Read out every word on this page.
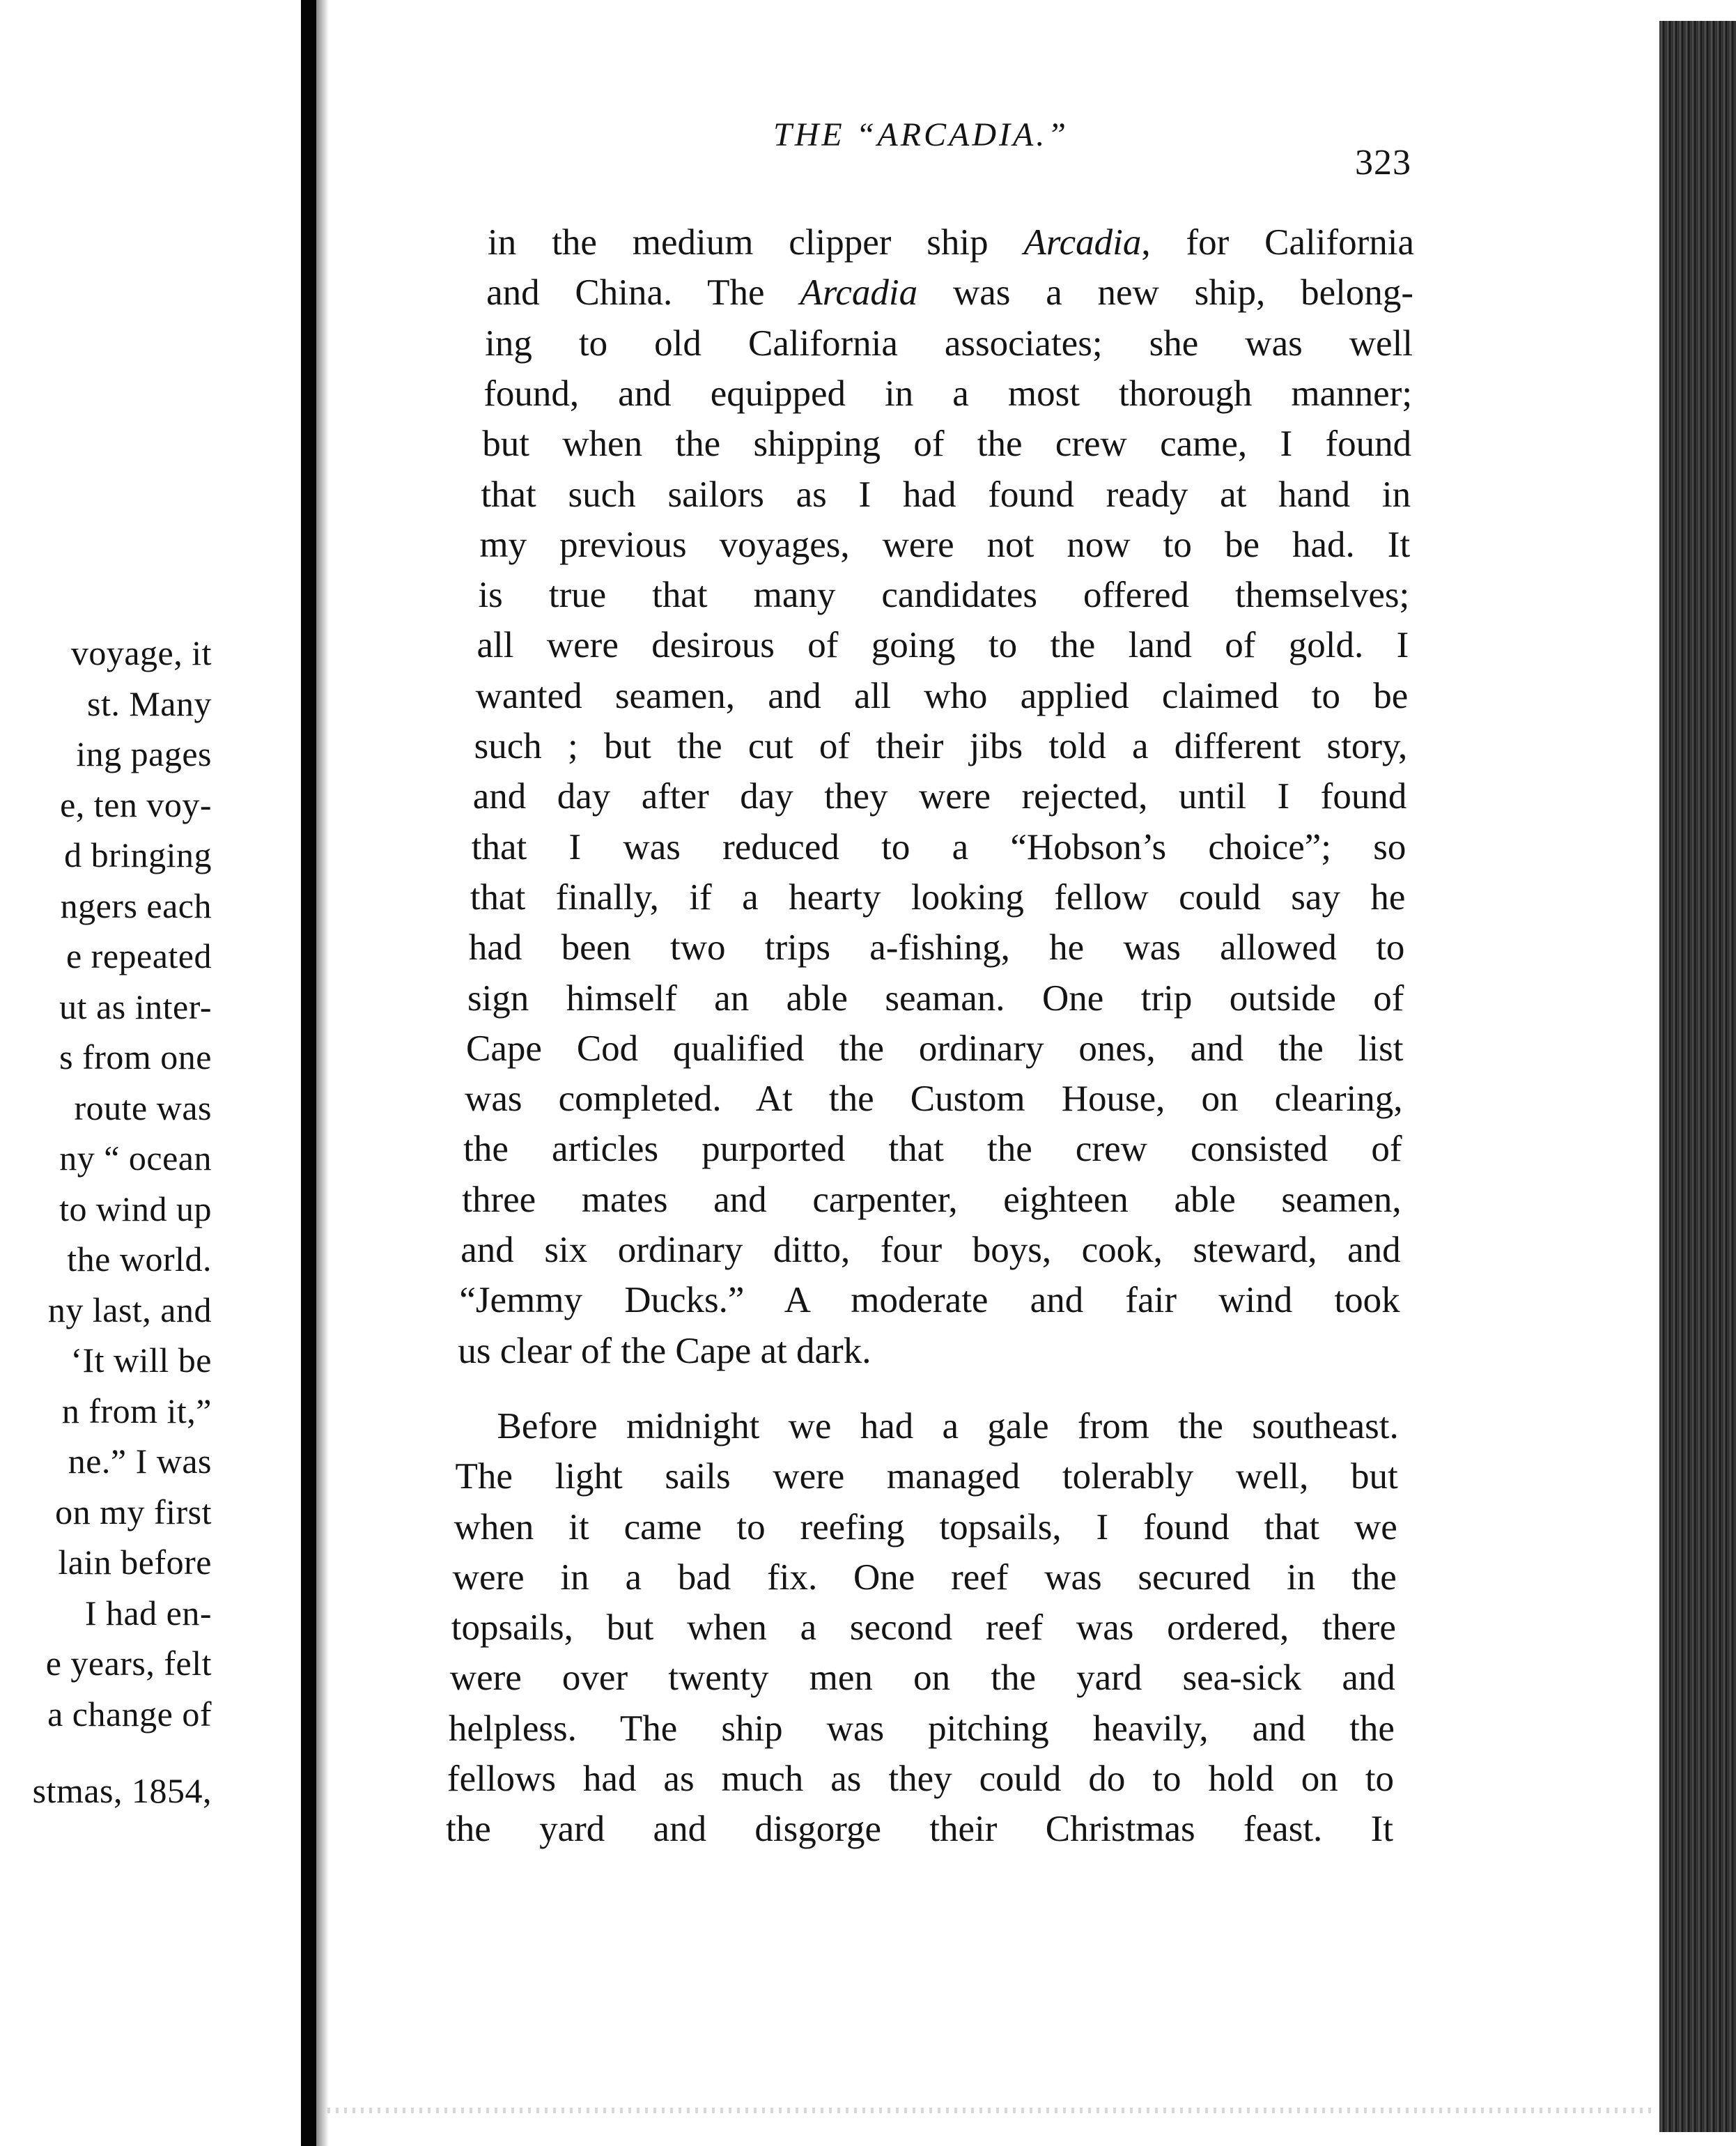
voyage, it
st. Many
ing pages
e, ten voy-
d bringing
ngers each
e repeated
ut as inter-
s from one
route was
ny “ ocean
to wind up
the world.
ny last, and
‘It will be
n from it,”
ne.” I was
on my first
lain before
I had en-
e years, felt
a change of
stmas, 1854,
THE “ARCADIA.”
323
in the medium clipper ship Arcadia, for California
and China. The Arcadia was a new ship, belong-
ing to old California associates; she was well
found, and equipped in a most thorough manner;
but when the shipping of the crew came, I found
that such sailors as I had found ready at hand in
my previous voyages, were not now to be had. It
is true that many candidates offered themselves;
all were desirous of going to the land of gold. I
wanted seamen, and all who applied claimed to be
such ; but the cut of their jibs told a different story,
and day after day they were rejected, until I found
that I was reduced to a “Hobson’s choice”; so
that finally, if a hearty looking fellow could say he
had been two trips a-fishing, he was allowed to
sign himself an able seaman. One trip outside of
Cape Cod qualified the ordinary ones, and the list
was completed. At the Custom House, on clearing,
the articles purported that the crew consisted of
three mates and carpenter, eighteen able seamen,
and six ordinary ditto, four boys, cook, steward, and
“Jemmy Ducks.” A moderate and fair wind took
us clear of the Cape at dark.
Before midnight we had a gale from the southeast.
The light sails were managed tolerably well, but
when it came to reefing topsails, I found that we
were in a bad fix. One reef was secured in the
topsails, but when a second reef was ordered, there
were over twenty men on the yard sea-sick and
helpless. The ship was pitching heavily, and the
fellows had as much as they could do to hold on to
the yard and disgorge their Christmas feast. It
